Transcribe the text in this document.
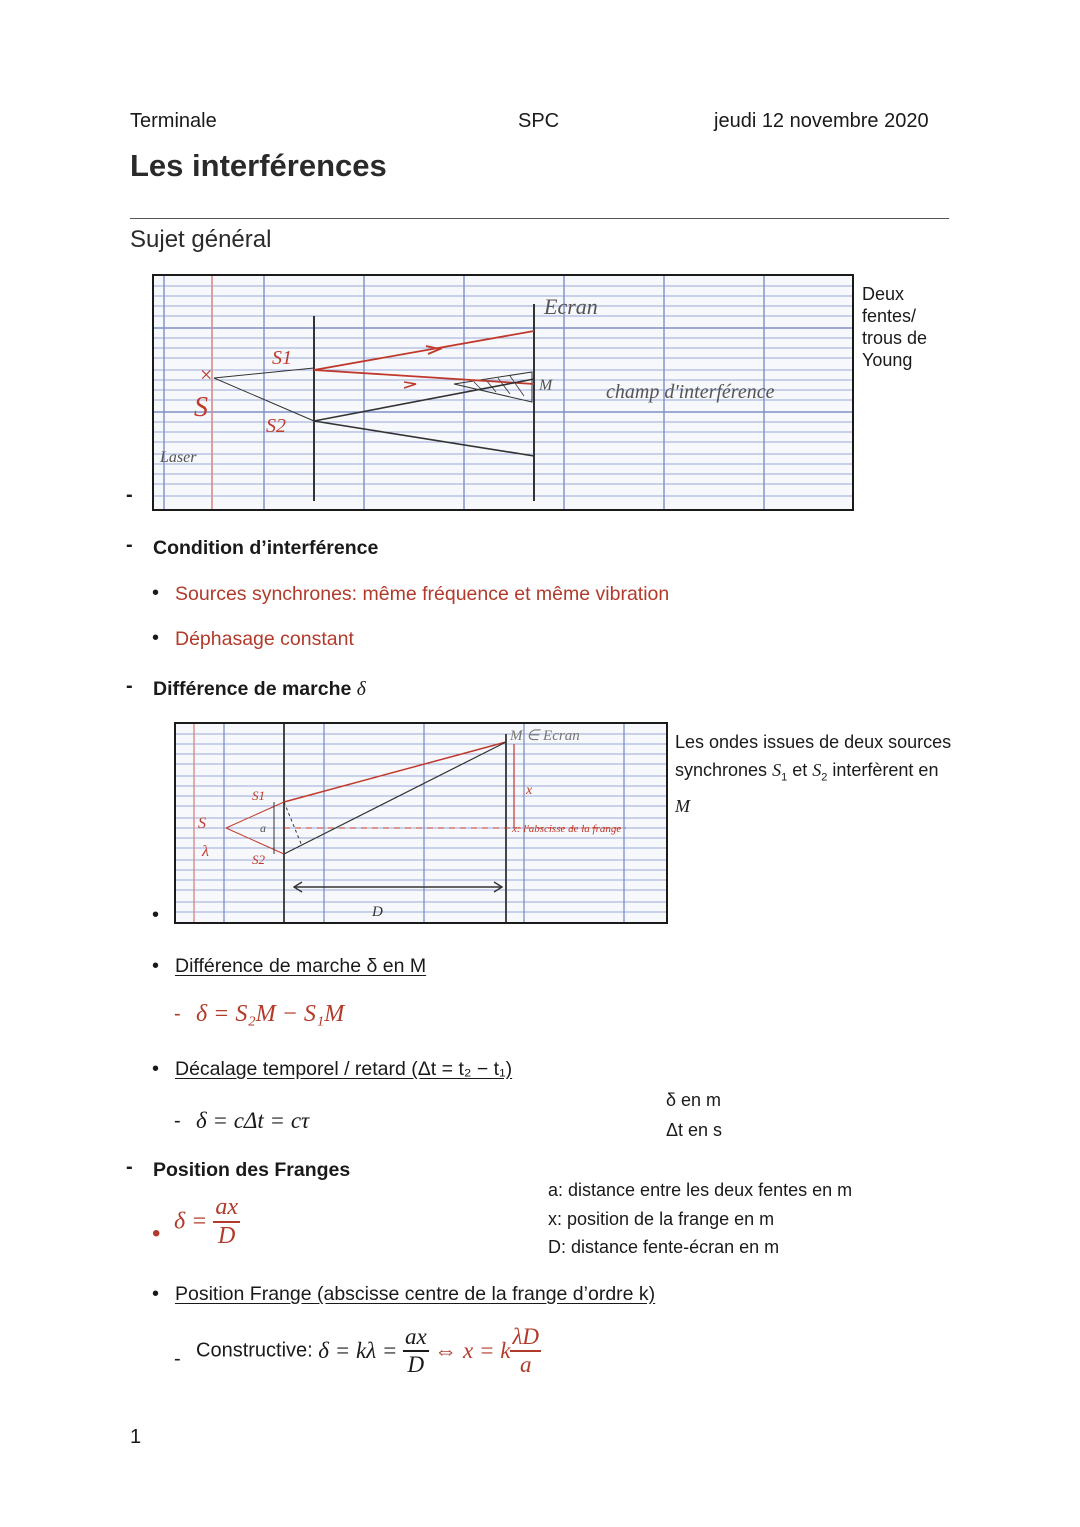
Terminale	SPC	jeudi 12 novembre 2020
Les interférences
Sujet général
Ecran
M
S1
S2
S
×
Laser
champ d'interférence
Deux fentes/ trous de Young
-
- Condition d’interférence
• Sources synchrones: même fréquence et même vibration
• Déphasage constant
- Différence de marche δ
M ∈ Ecran
x
S
λ
a
S1
S2
D
x: l'abscisse de la frange
•
Les ondes issues de deux sources
synchrones $S_1$ et $S_2$ interfèrent en
M
• Différence de marche δ en M
- δ = S₂M − S₁M
• Décalage temporel / retard (Δt = t₂ − t₁)
- δ = cΔt = cτ
δ en m
Δt en s
- Position des Franges
• $\delta = \frac{ax}{D}$
a: distance entre les deux fentes en m
x: position de la frange en m
D: distance fente-écran en m
• Position Frange (abscisse centre de la frange d’ordre k)
- Constructive: $\delta = k\lambda = \frac{ax}{D}$ ⇔ x = k $\frac{\lambda D}{a}$
1
